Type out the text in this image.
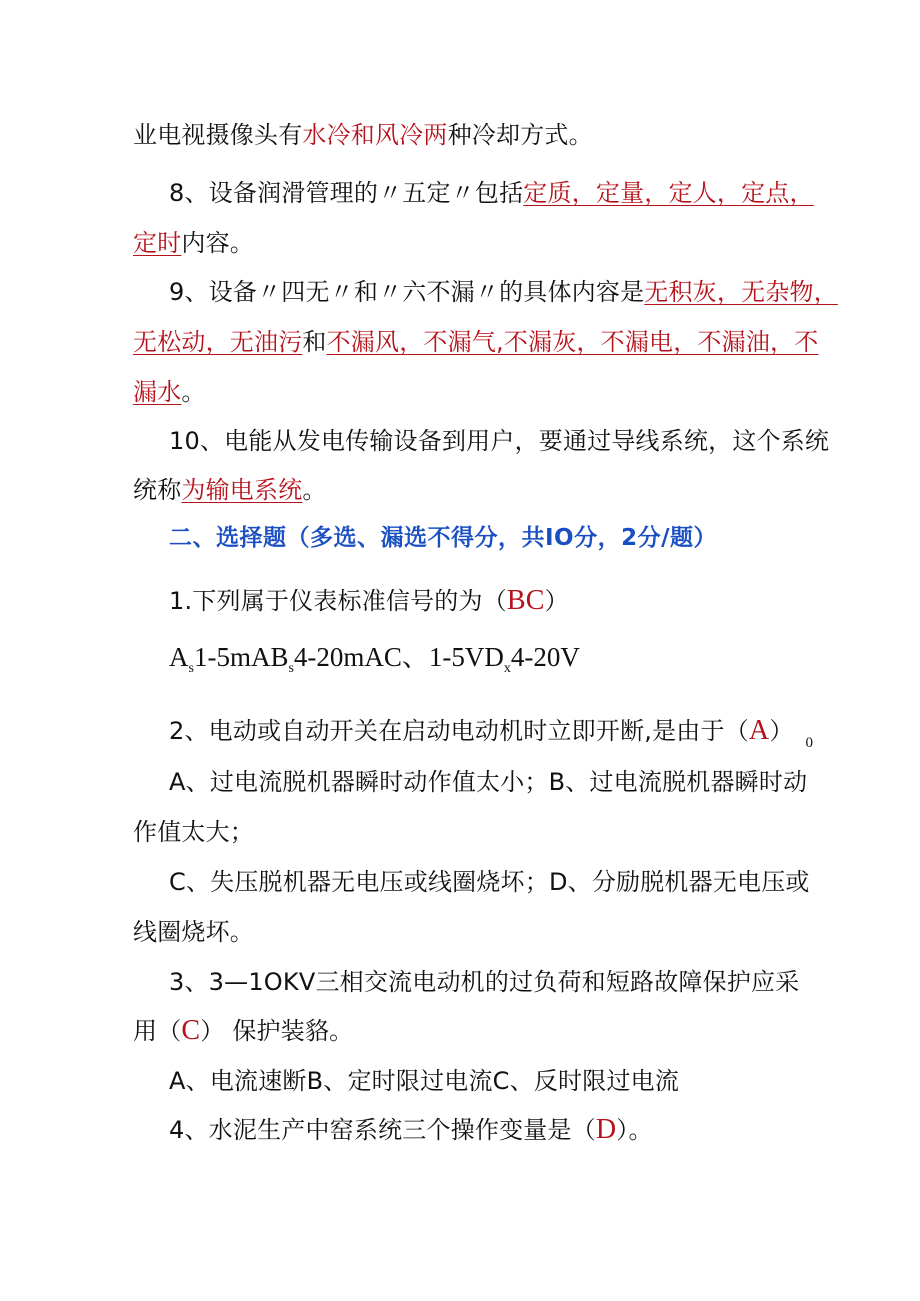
业电视摄像头有水冷和风冷两种冷却方式。
8、设备润滑管理的〃五定〃包括定质，定量，定人，定点，
定时内容。
9、设备〃四无〃和〃六不漏〃的具体内容是无积灰，无杂物，
无松动，无油污和不漏风，不漏气,不漏灰，不漏电，不漏油，不
漏水。
10、电能从发电传输设备到用户，要通过导线系统，这个系统
统称为输电系统。
二、选择题（多选、漏选不得分，共IO分，2分/题）
1.下列属于仪表标准信号的为（BC）
$A_s1-5mAB_s4-20mAC$、$1-5VD_x4-20V$
2、电动或自动开关在启动电动机时立即开断,是由于（A） $_0$
A、过电流脱机器瞬时动作值太小；B、过电流脱机器瞬时动
作值太大；
C、失压脱机器无电压或线圈烧坏；D、分励脱机器无电压或
线圈烧坏。
3、3—1OKV三相交流电动机的过负荷和短路故障保护应采
用（C） 保护装貉。
A、电流速断B、定时限过电流C、反时限过电流
4、水泥生产中窑系统三个操作变量是（D）。
